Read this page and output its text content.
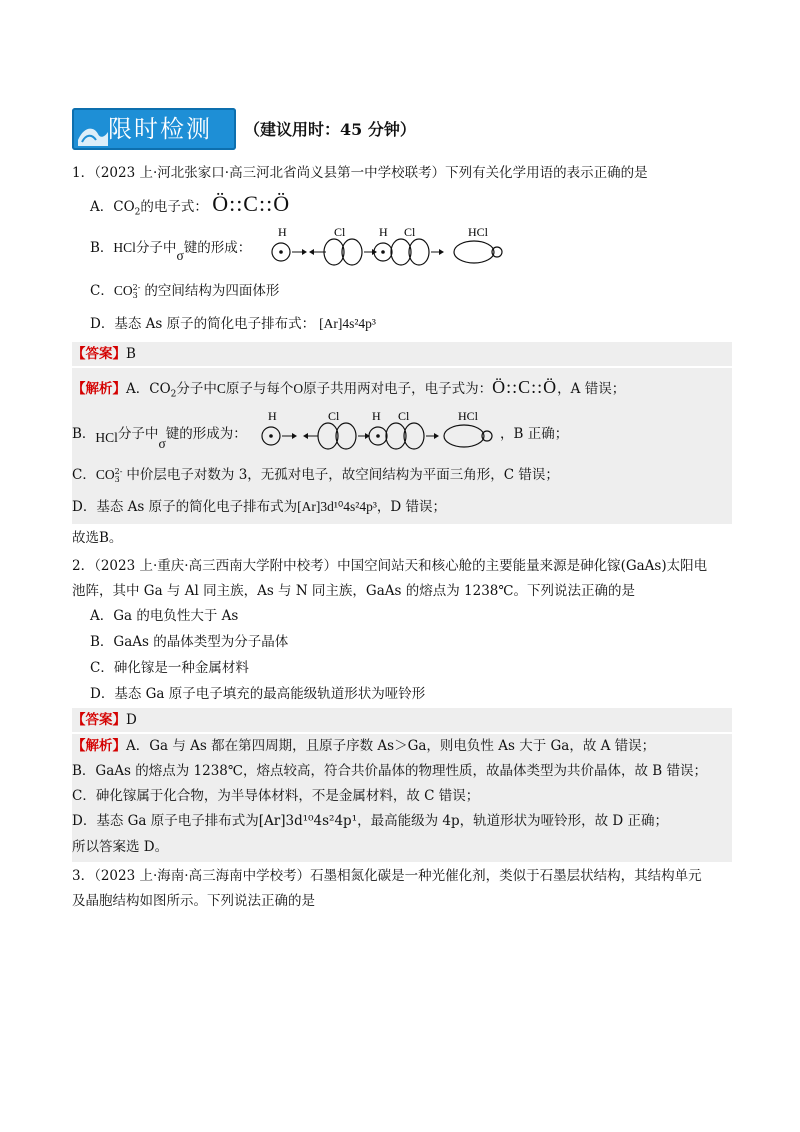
限时检测 （建议用时：45 分钟）
1．（2023 上·河北张家口·高三河北省尚义县第一中学校联考）下列有关化学用语的表示正确的是
A．$CO_2$的电子式： Ö::C::Ö
B．HCl分子中σ键的形成：
H	Cl	H Cl	HCl
C．CO2-
3 的空间结构为四面体形
D．基态 As 原子的简化电子排布式： [Ar]4s²4p³
【答案】B
【解析】A．$CO_2$分子中C原子与每个O原子共用两对电子，电子式为：Ö::C::Ö，A 错误；
B．HCl分子中σ键的形成为：
H	Cl	H Cl	HCl
，B 正确；
C．CO2-
3 中价层电子对数为 3，无孤对电子，故空间结构为平面三角形，C 错误；
D．基态 As 原子的简化电子排布式为[Ar]3d¹⁰4s²4p³，D 错误；
故选B。
2．（2023 上·重庆·高三西南大学附中校考）中国空间站天和核心舱的主要能量来源是砷化镓(GaAs)太阳电
池阵，其中 Ga 与 Al 同主族，As 与 N 同主族，GaAs 的熔点为 1238℃。下列说法正确的是
A．Ga 的电负性大于 As
B．GaAs 的晶体类型为分子晶体
C．砷化镓是一种金属材料
D．基态 Ga 原子电子填充的最高能级轨道形状为哑铃形
【答案】D
【解析】A．Ga 与 As 都在第四周期，且原子序数 As＞Ga，则电负性 As 大于 Ga，故 A 错误；
B．GaAs 的熔点为 1238℃，熔点较高，符合共价晶体的物理性质，故晶体类型为共价晶体，故 B 错误；
C．砷化镓属于化合物，为半导体材料，不是金属材料，故 C 错误；
D．基态 Ga 原子电子排布式为[Ar]3d¹⁰4s²4p¹，最高能级为 4p，轨道形状为哑铃形，故 D 正确；
所以答案选 D。
3．（2023 上·海南·高三海南中学校考）石墨相氮化碳是一种光催化剂，类似于石墨层状结构，其结构单元
及晶胞结构如图所示。下列说法正确的是
